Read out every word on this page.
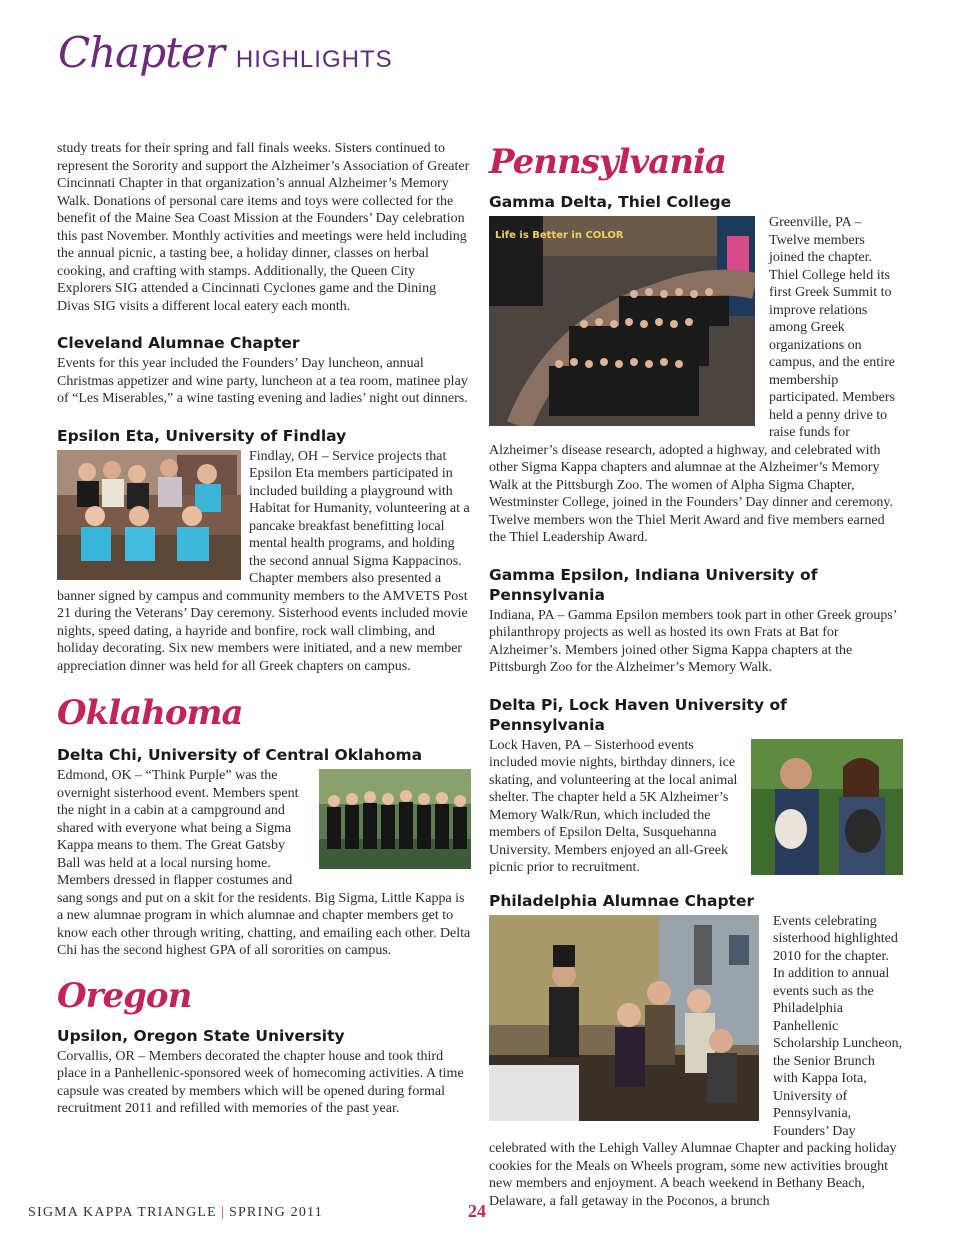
Chapter HIGHLIGHTS

study treats for their spring and fall finals weeks. Sisters continued to represent the Sorority and support the Alzheimer’s Association of Greater Cincinnati Chapter in that organization’s annual Alzheimer’s Memory Walk. Donations of personal care items and toys were collected for the benefit of the Maine Sea Coast Mission at the Founders’ Day celebration this past November. Monthly activities and meetings were held including the annual picnic, a tasting bee, a holiday dinner, classes on herbal cooking, and crafting with stamps. Additionally, the Queen City Explorers SIG attended a Cincinnati Cyclones game and the Dining Divas SIG visits a different local eatery each month.

Cleveland Alumnae Chapter

Events for this year included the Founders’ Day luncheon, annual Christmas appetizer and wine party, luncheon at a tea room, matinee play of “Les Miserables,” a wine tasting evening and ladies’ night out dinners.

Epsilon Eta, University of Findlay

Findlay, OH – Service projects that Epsilon Eta members participated in included building a playground with Habitat for Humanity, volunteering at a pancake breakfast benefitting local mental health programs, and holding the second annual Sigma Kappacinos. Chapter members also presented a banner signed by campus and community members to the AMVETS Post 21 during the Veterans’ Day ceremony. Sisterhood events included movie nights, speed dating, a hayride and bonfire, rock wall climbing, and holiday decorating. Six new members were initiated, and a new member appreciation dinner was held for all Greek chapters on campus.

Oklahoma
Delta Chi, University of Central Oklahoma

Edmond, OK – “Think Purple” was the overnight sisterhood event. Members spent the night in a cabin at a campground and shared with everyone what being a Sigma Kappa means to them. The Great Gatsby Ball was held at a local nursing home. Members dressed in flapper costumes and sang songs and put on a skit for the residents. Big Sigma, Little Kappa is a new alumnae program in which alumnae and chapter members get to know each other through writing, chatting, and emailing each other. Delta Chi has the second highest GPA of all sororities on campus.

Oregon
Upsilon, Oregon State University

Corvallis, OR – Members decorated the chapter house and took third place in a Panhellenic-sponsored week of homecoming activities. A time capsule was created by members which will be opened during formal recruitment 2011 and refilled with memories of the past year.

Pennsylvania
Gamma Delta, Thiel College
Life is Better in COLOR

Greenville, PA – Twelve members joined the chapter. Thiel College held its first Greek Summit to improve relations among Greek organizations on campus, and the entire membership participated. Members held a penny drive to raise funds for Alzheimer’s disease research, adopted a highway, and celebrated with other Sigma Kappa chapters and alumnae at the Alzheimer’s Memory Walk at the Pittsburgh Zoo. The women of Alpha Sigma Chapter, Westminster College, joined in the Founders’ Day dinner and ceremony. Twelve members won the Thiel Merit Award and five members earned the Thiel Leadership Award.

Gamma Epsilon, Indiana University of Pennsylvania

Indiana, PA – Gamma Epsilon members took part in other Greek groups’ philanthropy projects as well as hosted its own Frats at Bat for Alzheimer’s. Members joined other Sigma Kappa chapters at the Pittsburgh Zoo for the Alzheimer’s Memory Walk.

Delta Pi, Lock Haven University of Pennsylvania

Lock Haven, PA – Sisterhood events included movie nights, birthday dinners, ice skating, and volunteering at the local animal shelter. The chapter held a 5K Alzheimer’s Memory Walk/Run, which included the members of Epsilon Delta, Susquehanna University. Members enjoyed an all-Greek picnic prior to recruitment.

Philadelphia Alumnae Chapter

Events celebrating sisterhood highlighted 2010 for the chapter. In addition to annual events such as the Philadelphia Panhellenic Scholarship Luncheon, the Senior Brunch with Kappa Iota, University of Pennsylvania, Founders’ Day celebrated with the Lehigh Valley Alumnae Chapter and packing holiday cookies for the Meals on Wheels program, some new activities brought new members and enjoyment. A beach weekend in Bethany Beach, Delaware, a fall getaway in the Poconos, a brunch

SIGMA KAPPA TRIANGLE | SPRING 2011	24
